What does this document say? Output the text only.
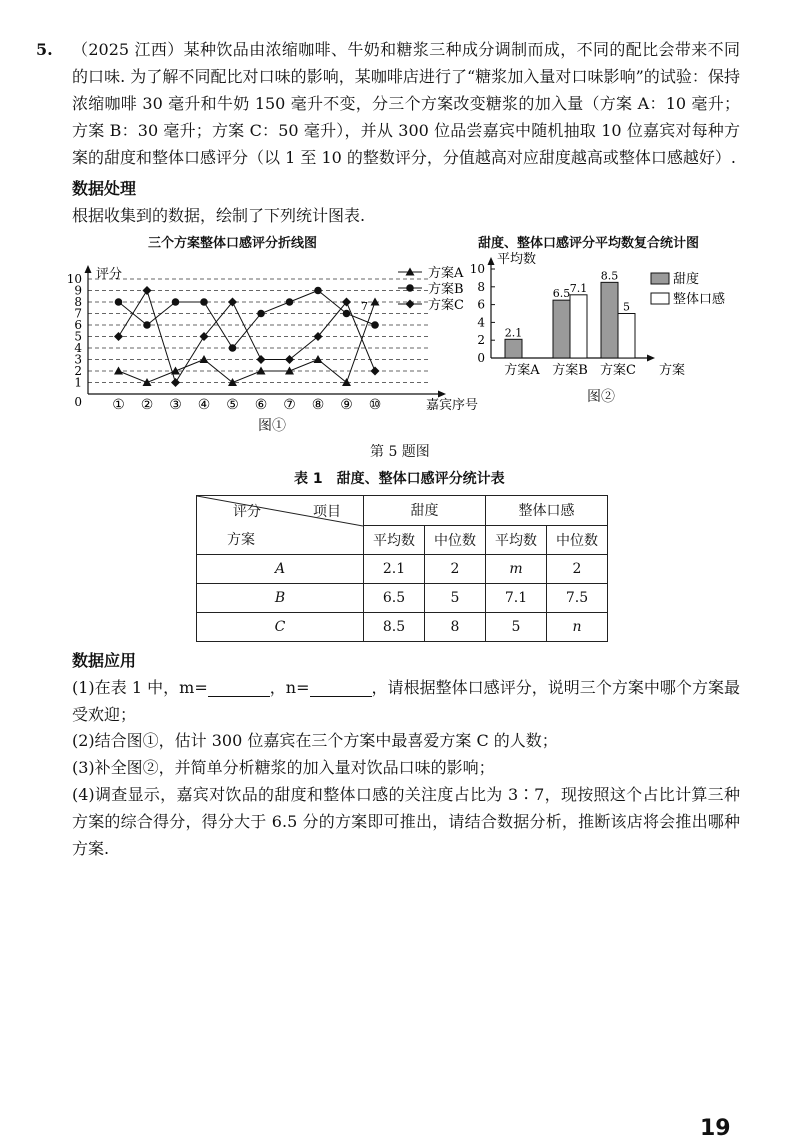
5. （2025 江西）某种饮品由浓缩咖啡、牛奶和糖浆三种成分调制而成，不同的配比会带来不同的口味. 为了解不同配比对口味的影响，某咖啡店进行了“糖浆加入量对口味影响”的试验：保持浓缩咖啡 30 毫升和牛奶 150 毫升不变，分三个方案改变糖浆的加入量（方案 A：10 毫升；方案 B：30 毫升；方案 C：50 毫升），并从 300 位品尝嘉宾中随机抽取 10 位嘉宾对每种方案的甜度和整体口感评分（以 1 至 10 的整数评分，分值越高对应甜度越高或整体口感越好）.

数据处理

根据收集到的数据，绘制了下列统计图表.

三个方案整体口感评分折线图
0
1
2
3
4
5
6
7
8
9
10
① ② ③ ④ ⑤ ⑥ ⑦ ⑧ ⑨ ⑩
评分
嘉宾序号
7
方案A
方案B
方案C
图①
甜度、整体口感评分平均数复合统计图
0
2
4
6
8
10
平均数
方案
方案A 方案B 方案C
2.1
6.5
8.5
7.1
5
甜度
整体口感
图②
第 5 题图
表 1　甜度、整体口感评分统计表
评分 项目
方案	甜度		整体口感	
	平均数	中位数	平均数	中位数
A	2.1	2	m	2
B	6.5	5	7.1	7.5
C	8.5	8	5	n
数据应用

(1)在表 1 中，m=	，n=	，请根据整体口感评分，说明三个方案中哪个方案最受欢迎；

(2)结合图①，估计 300 位嘉宾在三个方案中最喜爱方案 C 的人数；

(3)补全图②，并简单分析糖浆的加入量对饮品口味的影响；

(4)调查显示，嘉宾对饮品的甜度和整体口感的关注度占比为 3∶7，现按照这个占比计算三种方案的综合得分，得分大于 6.5 分的方案即可推出，请结合数据分析，推断该店将会推出哪种方案.

19
